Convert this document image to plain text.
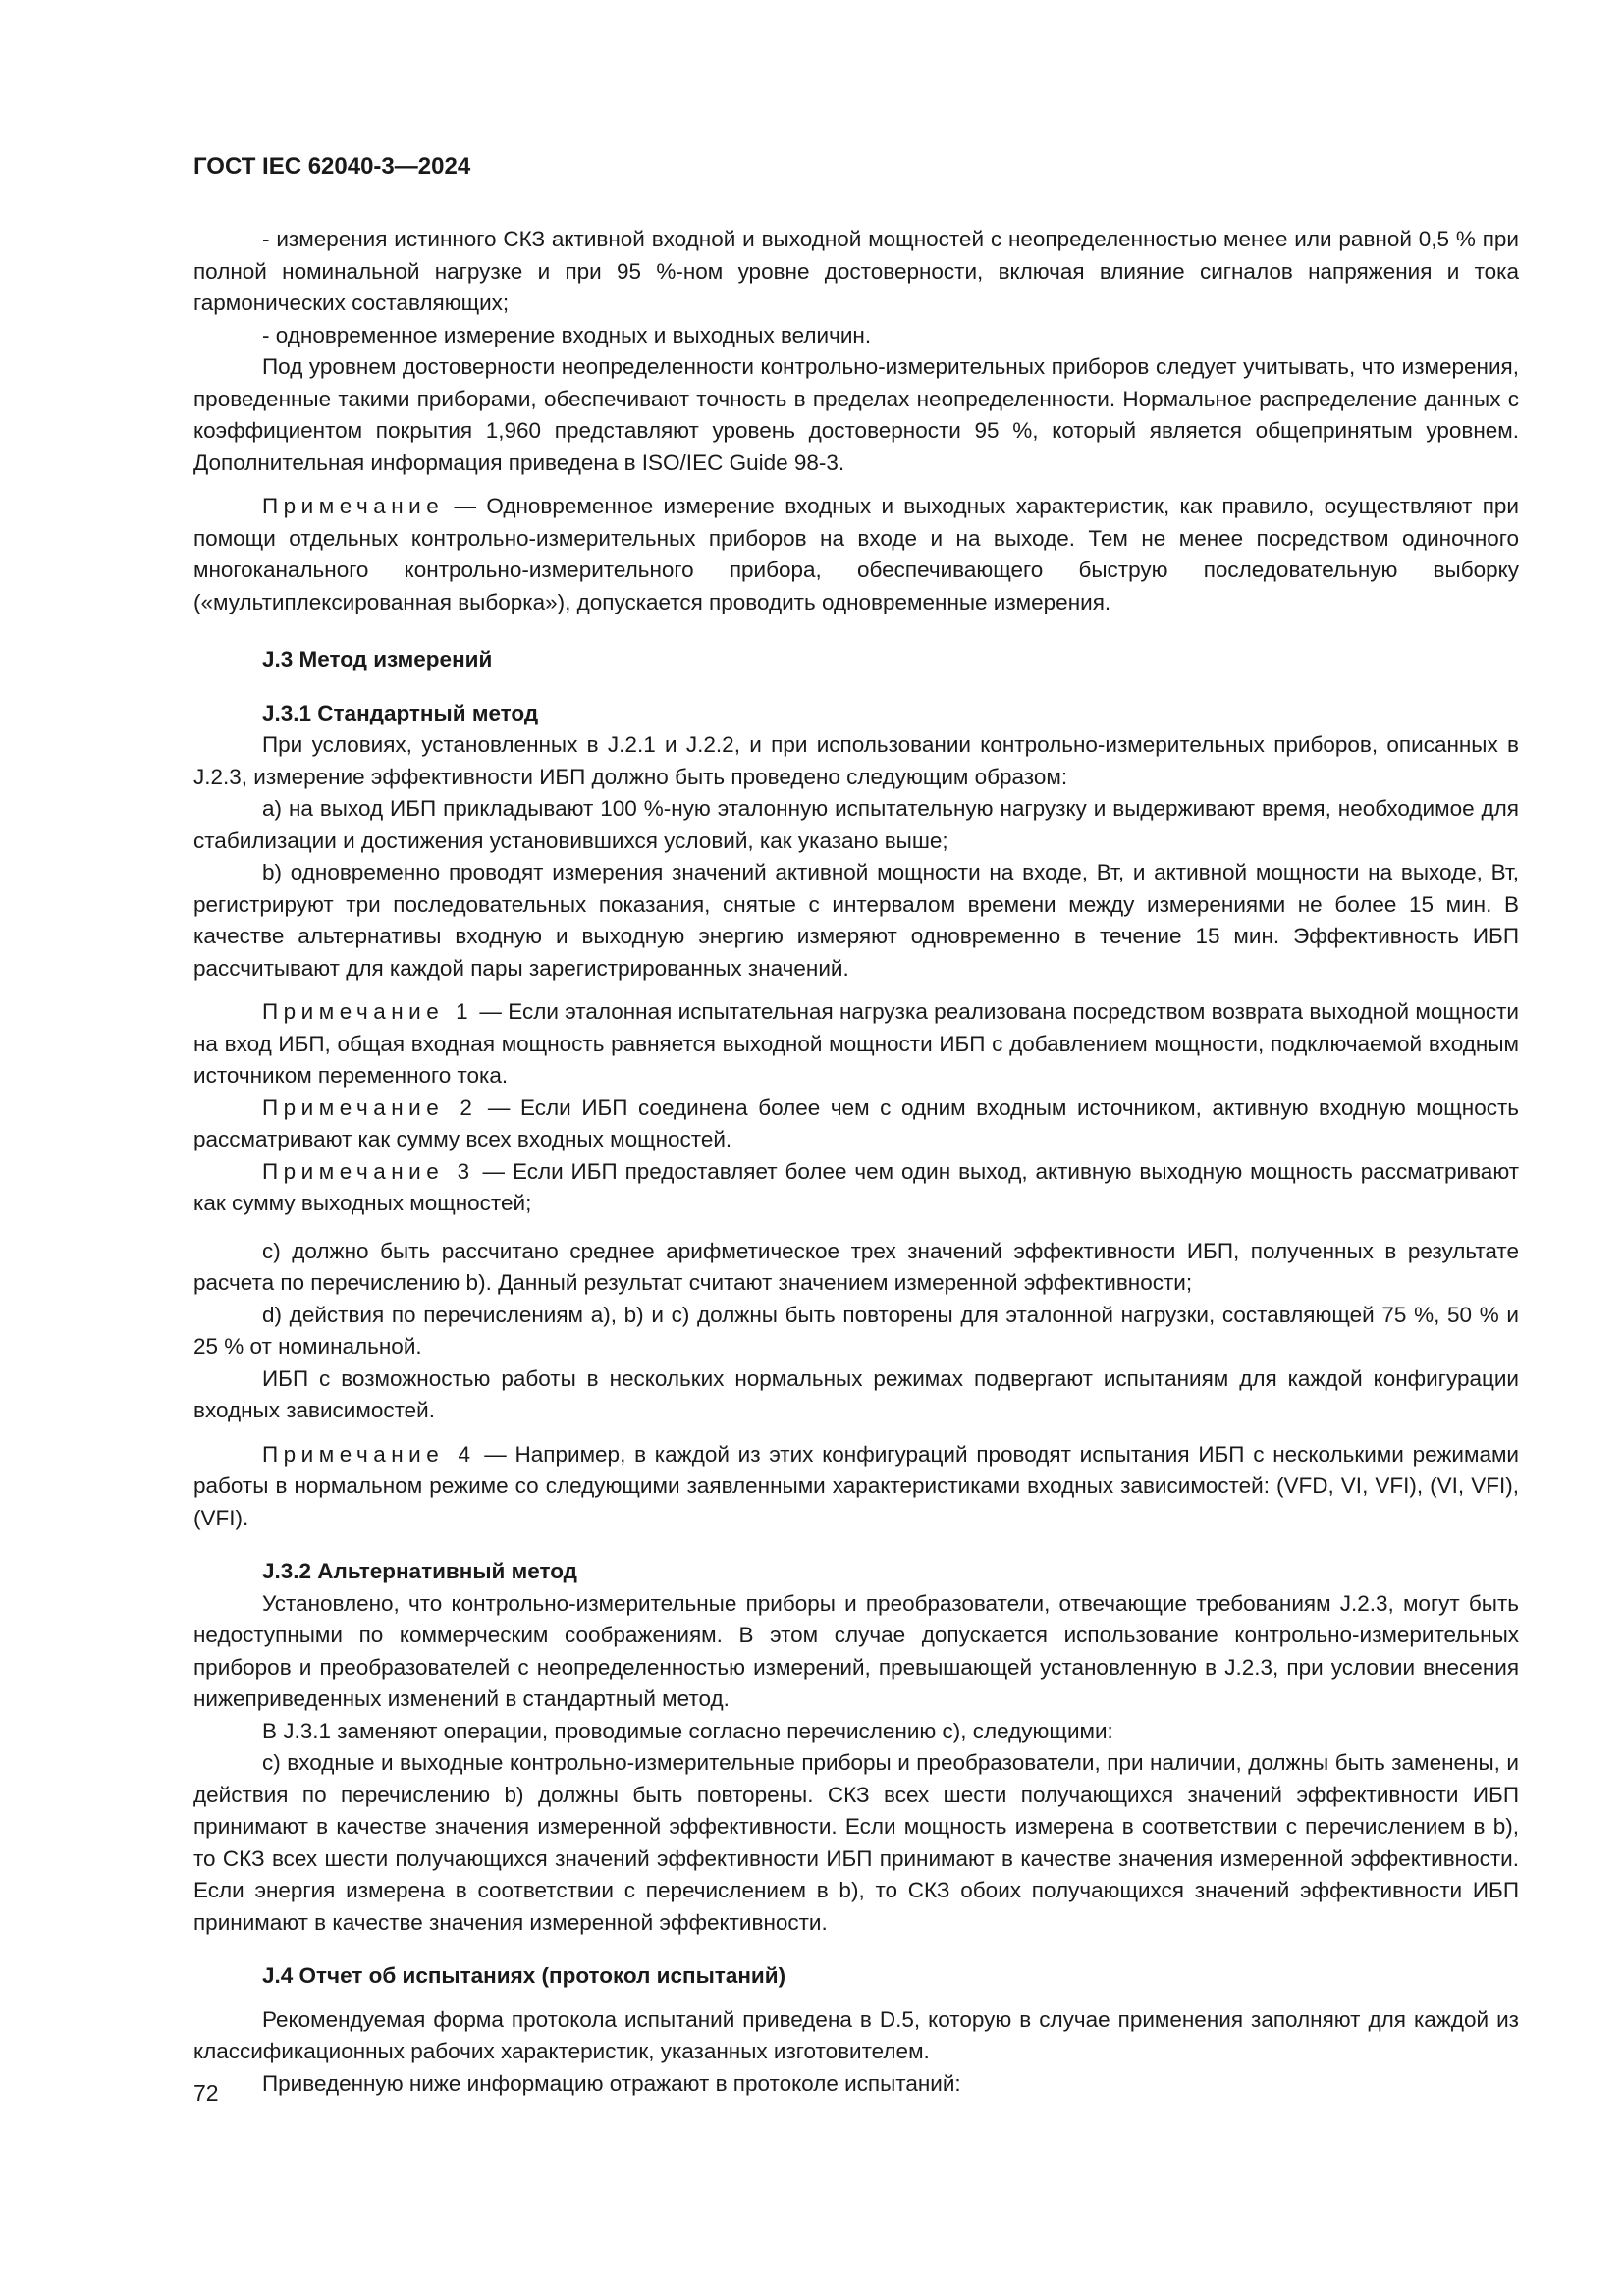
ГОСТ IEC 62040-3—2024

- измерения истинного СКЗ активной входной и выходной мощностей с неопределенностью менее или равной 0,5 % при полной номинальной нагрузке и при 95 %-ном уровне достоверности, включая влияние сигналов напряжения и тока гармонических составляющих;

- одновременное измерение входных и выходных величин.

Под уровнем достоверности неопределенности контрольно-измерительных приборов следует учитывать, что измерения, проведенные такими приборами, обеспечивают точность в пределах неопределенности. Нормальное распределение данных с коэффициентом покрытия 1,960 представляют уровень достоверности 95 %, который является общепринятым уровнем. Дополнительная информация приведена в ISO/IEC Guide 98-3.

Примечание — Одновременное измерение входных и выходных характеристик, как правило, осуществляют при помощи отдельных контрольно-измерительных приборов на входе и на выходе. Тем не менее посредством одиночного многоканального контрольно-измерительного прибора, обеспечивающего быструю последовательную выборку («мультиплексированная выборка»), допускается проводить одновременные измерения.

J.3 Метод измерений

J.3.1 Стандартный метод

При условиях, установленных в J.2.1 и J.2.2, и при использовании контрольно-измерительных приборов, описанных в J.2.3, измерение эффективности ИБП должно быть проведено следующим образом:

а) на выход ИБП прикладывают 100 %-ную эталонную испытательную нагрузку и выдерживают время, необходимое для стабилизации и достижения установившихся условий, как указано выше;

b) одновременно проводят измерения значений активной мощности на входе, Вт, и активной мощности на выходе, Вт, регистрируют три последовательных показания, снятые с интервалом времени между измерениями не более 15 мин. В качестве альтернативы входную и выходную энергию измеряют одновременно в течение 15 мин. Эффективность ИБП рассчитывают для каждой пары зарегистрированных значений.

Примечание 1 — Если эталонная испытательная нагрузка реализована посредством возврата выходной мощности на вход ИБП, общая входная мощность равняется выходной мощности ИБП с добавлением мощности, подключаемой входным источником переменного тока.

Примечание 2 — Если ИБП соединена более чем с одним входным источником, активную входную мощность рассматривают как сумму всех входных мощностей.

Примечание 3 — Если ИБП предоставляет более чем один выход, активную выходную мощность рассматривают как сумму выходных мощностей;

с) должно быть рассчитано среднее арифметическое трех значений эффективности ИБП, полученных в результате расчета по перечислению b). Данный результат считают значением измеренной эффективности;

d) действия по перечислениям а), b) и с) должны быть повторены для эталонной нагрузки, составляющей 75 %, 50 % и 25 % от номинальной.

ИБП с возможностью работы в нескольких нормальных режимах подвергают испытаниям для каждой конфигурации входных зависимостей.

Примечание 4 — Например, в каждой из этих конфигураций проводят испытания ИБП с несколькими режимами работы в нормальном режиме со следующими заявленными характеристиками входных зависимостей: (VFD, VI, VFI), (VI, VFI), (VFI).

J.3.2 Альтернативный метод

Установлено, что контрольно-измерительные приборы и преобразователи, отвечающие требованиям J.2.3, могут быть недоступными по коммерческим соображениям. В этом случае допускается использование контрольно-измерительных приборов и преобразователей с неопределенностью измерений, превышающей установленную в J.2.3, при условии внесения нижеприведенных изменений в стандартный метод.

В J.3.1 заменяют операции, проводимые согласно перечислению с), следующими:

с) входные и выходные контрольно-измерительные приборы и преобразователи, при наличии, должны быть заменены, и действия по перечислению b) должны быть повторены. СКЗ всех шести получающихся значений эффективности ИБП принимают в качестве значения измеренной эффективности. Если мощность измерена в соответствии с перечислением в b), то СКЗ всех шести получающихся значений эффективности ИБП принимают в качестве значения измеренной эффективности. Если энергия измерена в соответствии с перечислением в b), то СКЗ обоих получающихся значений эффективности ИБП принимают в качестве значения измеренной эффективности.

J.4 Отчет об испытаниях (протокол испытаний)

Рекомендуемая форма протокола испытаний приведена в D.5, которую в случае применения заполняют для каждой из классификационных рабочих характеристик, указанных изготовителем.

Приведенную ниже информацию отражают в протоколе испытаний:

72
